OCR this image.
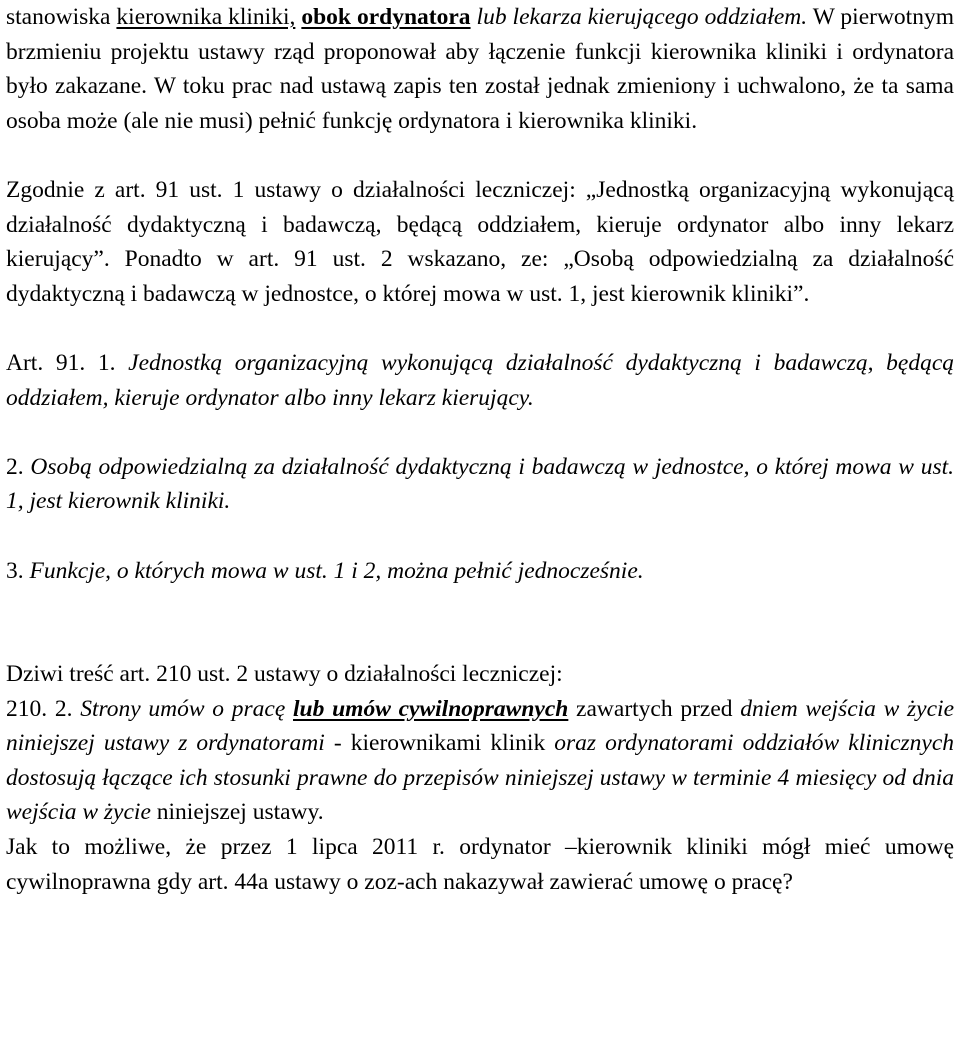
stanowiska kierownika kliniki, obok ordynatora lub lekarza kierującego oddziałem. W pierwotnym brzmieniu projektu ustawy rząd proponował aby łączenie funkcji kierownika kliniki i ordynatora było zakazane. W toku prac nad ustawą zapis ten został jednak zmieniony i uchwalono, że ta sama osoba może (ale nie musi) pełnić funkcję ordynatora i kierownika kliniki.

Zgodnie z art. 91 ust. 1 ustawy o działalności leczniczej: „Jednostką organizacyjną wykonującą działalność dydaktyczną i badawczą, będącą oddziałem, kieruje ordynator albo inny lekarz kierujący”. Ponadto w art. 91 ust. 2 wskazano, ze: „Osobą odpowiedzialną za działalność dydaktyczną i badawczą w jednostce, o której mowa w ust. 1, jest kierownik kliniki”.

Art. 91. 1. Jednostką organizacyjną wykonującą działalność dydaktyczną i badawczą, będącą oddziałem, kieruje ordynator albo inny lekarz kierujący.

2. Osobą odpowiedzialną za działalność dydaktyczną i badawczą w jednostce, o której mowa w ust. 1, jest kierownik kliniki.

3. Funkcje, o których mowa w ust. 1 i 2, można pełnić jednocześnie.

Dziwi treść art. 210 ust. 2 ustawy o działalności leczniczej:

210. 2. Strony umów o pracę lub umów cywilnoprawnych zawartych przed dniem wejścia w życie niniejszej ustawy z ordynatorami - kierownikami klinik oraz ordynatorami oddziałów klinicznych dostosują łączące ich stosunki prawne do przepisów niniejszej ustawy w terminie 4 miesięcy od dnia wejścia w życie niniejszej ustawy.

Jak to możliwe, że przez 1 lipca 2011 r. ordynator –kierownik kliniki mógł mieć umowę cywilnoprawna gdy art. 44a ustawy o zoz-ach nakazywał zawierać umowę o pracę?
